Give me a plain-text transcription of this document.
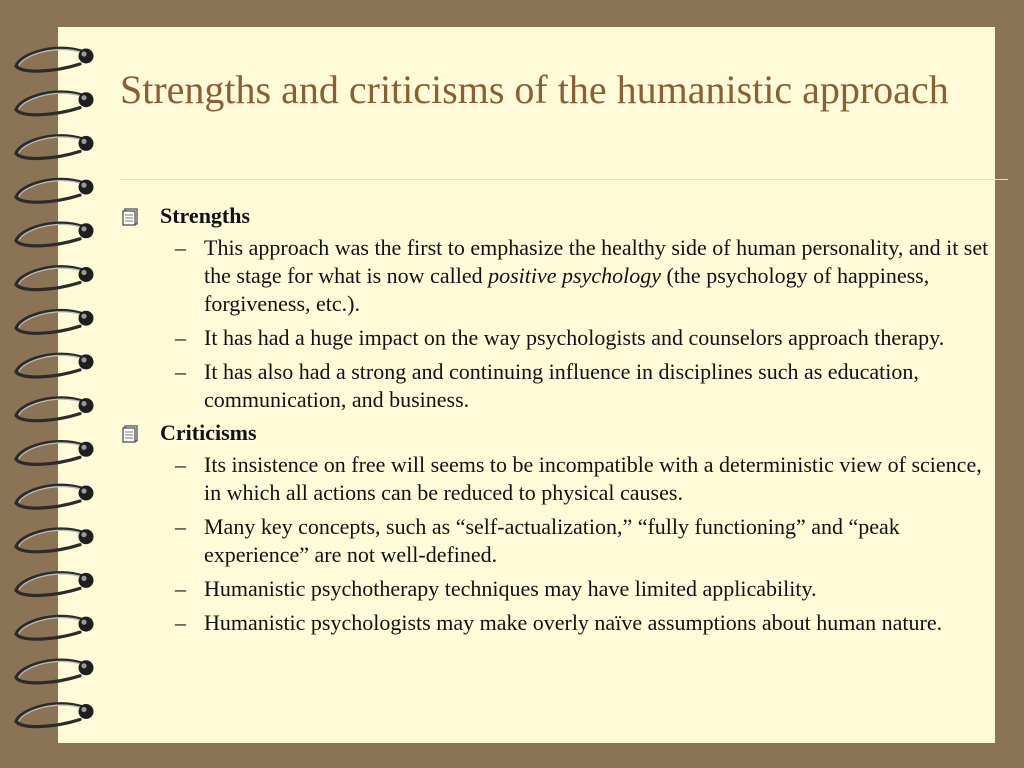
Strengths and criticisms of the humanistic approach
Strengths
– This approach was the first to emphasize the healthy side of human personality, and it set the stage for what is now called positive psychology (the psychology of happiness, forgiveness, etc.).
– It has had a huge impact on the way psychologists and counselors approach therapy.
– It has also had a strong and continuing influence in disciplines such as education, communication, and business.
Criticisms
– Its insistence on free will seems to be incompatible with a deterministic view of science, in which all actions can be reduced to physical causes.
– Many key concepts, such as “self-actualization,” “fully functioning” and “peak experience” are not well-defined.
– Humanistic psychotherapy techniques may have limited applicability.
– Humanistic psychologists may make overly naïve assumptions about human nature.
